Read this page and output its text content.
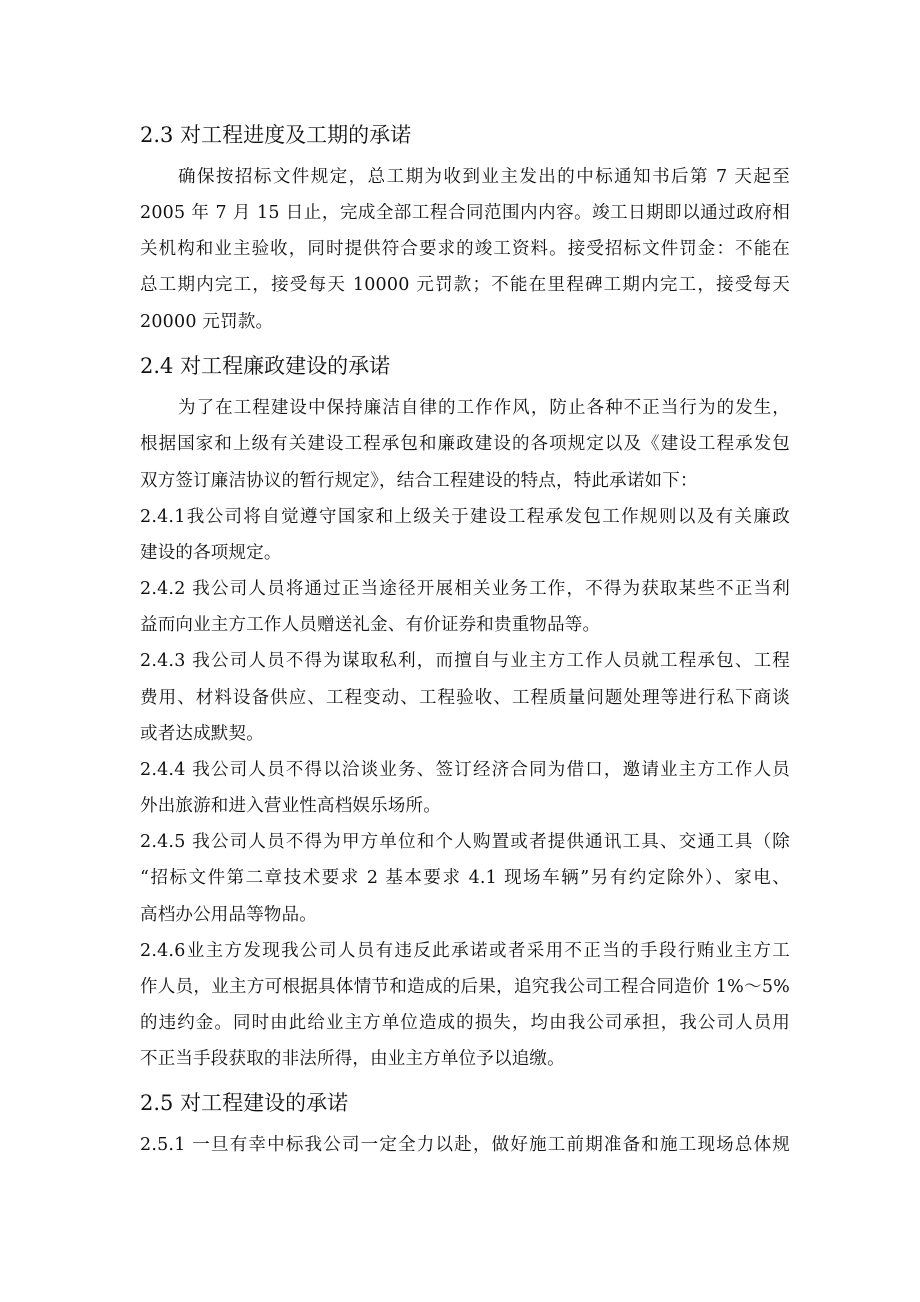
2.3 对工程进度及工期的承诺
确保按招标文件规定，总工期为收到业主发出的中标通知书后第 7 天起至
2005 年 7 月 15 日止，完成全部工程合同范围内内容。竣工日期即以通过政府相
关机构和业主验收，同时提供符合要求的竣工资料。接受招标文件罚金：不能在
总工期内完工，接受每天 10000 元罚款；不能在里程碑工期内完工，接受每天
20000 元罚款。
2.4 对工程廉政建设的承诺
为了在工程建设中保持廉洁自律的工作作风，防止各种不正当行为的发生，
根据国家和上级有关建设工程承包和廉政建设的各项规定以及《建设工程承发包
双方签订廉洁协议的暂行规定》，结合工程建设的特点，特此承诺如下：
2.4.1我公司将自觉遵守国家和上级关于建设工程承发包工作规则以及有关廉政
建设的各项规定。
2.4.2 我公司人员将通过正当途径开展相关业务工作，不得为获取某些不正当利
益而向业主方工作人员赠送礼金、有价证券和贵重物品等。
2.4.3 我公司人员不得为谋取私利，而擅自与业主方工作人员就工程承包、工程
费用、材料设备供应、工程变动、工程验收、工程质量问题处理等进行私下商谈
或者达成默契。
2.4.4 我公司人员不得以洽谈业务、签订经济合同为借口，邀请业主方工作人员
外出旅游和进入营业性高档娱乐场所。
2.4.5 我公司人员不得为甲方单位和个人购置或者提供通讯工具、交通工具（除
“招标文件第二章技术要求 2 基本要求 4.1 现场车辆”另有约定除外）、家电、
高档办公用品等物品。
2.4.6业主方发现我公司人员有违反此承诺或者采用不正当的手段行贿业主方工
作人员，业主方可根据具体情节和造成的后果，追究我公司工程合同造价 1%～5%
的违约金。同时由此给业主方单位造成的损失，均由我公司承担，我公司人员用
不正当手段获取的非法所得，由业主方单位予以追缴。
2.5 对工程建设的承诺
2.5.1 一旦有幸中标我公司一定全力以赴，做好施工前期准备和施工现场总体规
